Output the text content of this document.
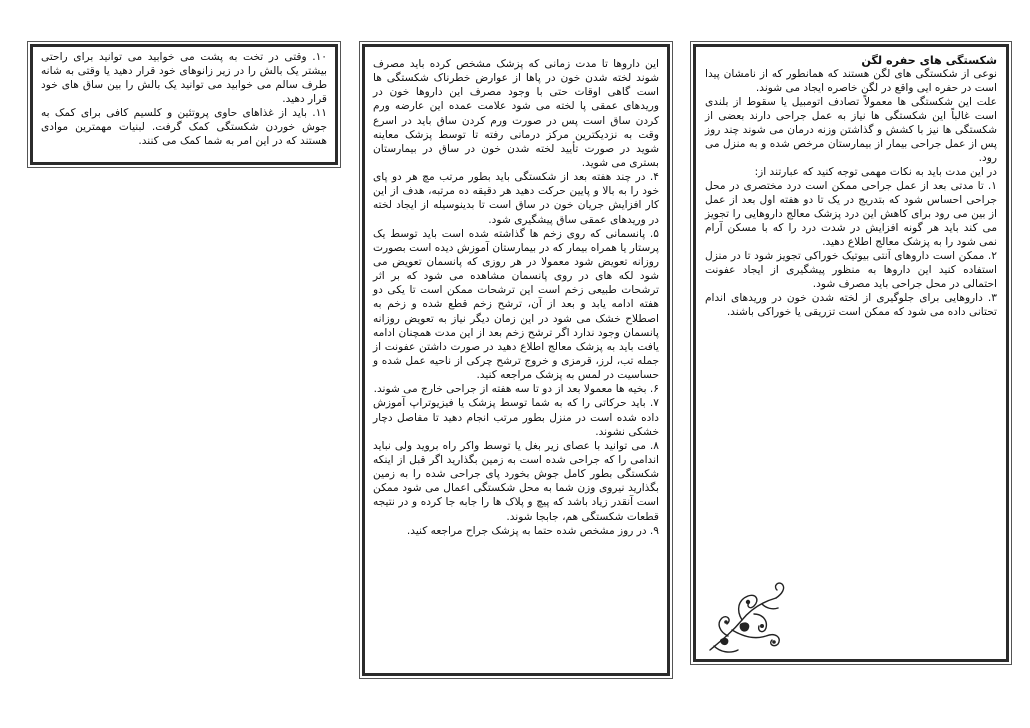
۱۰. وقتی در تخت به پشت می خوابید می توانید برای راحتی بیشتر یک بالش را در زیر زانوهای خود قرار دهید یا وقتی به شانه طرف سالم می خوابید می توانید یک بالش را بین ساق های خود قرار دهید.

۱۱. باید از غذاهای حاوی پروتئین و کلسیم کافی برای کمک به جوش خوردن شکستگی کمک گرفت. لبنیات مهمترین موادی هستند که در این امر به شما کمک می کنند.

این داروها تا مدت زمانی که پزشک مشخص کرده باید مصرف شوند لخته شدن خون در پاها از عوارض خطرناک شکستگی ها است گاهی اوقات حتی با وجود مصرف این داروها خون در وریدهای عمقی پا لخته می شود علامت عمده این عارضه ورم کردن ساق است پس در صورت ورم کردن ساق باید در اسرع وقت به نزدیکترین مرکز درمانی رفته تا توسط پزشک معاینه شوید در صورت تأیید لخته شدن خون در ساق در بیمارستان بستری می شوید.

۴. در چند هفته بعد از شکستگی باید بطور مرتب مچ هر دو پای خود را به بالا و پایین حرکت دهید هر دقیقه ده مرتبه، هدف از این کار افزایش جریان خون در ساق است تا بدینوسیله از ایجاد لخته در وریدهای عمقی ساق پیشگیری شود.

۵. پانسمانی که روی زخم ها گذاشته شده است باید توسط یک پرستار یا همراه بیمار که در بیمارستان آموزش دیده است بصورت روزانه تعویض شود معمولا در هر روزی که پانسمان تعویض می شود لکه های در روی پانسمان مشاهده می شود که بر اثر ترشحات طبیعی زخم است این ترشحات ممکن است تا یکی دو هفته ادامه یابد و بعد از آن، ترشح زخم قطع شده و زخم به اصطلاح خشک می شود در این زمان دیگر نیاز به تعویض روزانه پانسمان وجود ندارد اگر ترشح زخم بعد از این مدت همچنان ادامه یافت باید به پزشک معالج اطلاع دهید در صورت داشتن عفونت از جمله تب، لرز، قرمزی و خروج ترشح چرکی از ناحیه عمل شده و حساسیت در لمس به پزشک مراجعه کنید.

۶. بخیه ها معمولا بعد از دو تا سه هفته از جراحی خارج می شوند.

۷. باید حرکاتی را که به شما توسط پزشک یا فیزیوتراپ آموزش داده شده است در منزل بطور مرتب انجام دهید تا مفاصل دچار خشکی نشوند.

۸. می توانید با عصای زیر بغل یا توسط واکر راه بروید ولی نباید اندامی را که جراحی شده است به زمین بگذارید اگر قبل از اینکه شکستگی بطور کامل جوش بخورد پای جراحی شده را به زمین بگذارید نیروی وزن شما به محل شکستگی اعمال می شود ممکن است آنقدر زیاد باشد که پیچ و پلاک ها را جابه جا کرده و در نتیجه قطعات شکستگی هم، جابجا شوند.

۹. در روز مشخص شده حتما به پزشک جراح مراجعه کنید.

شکستگی های حفره لگن

نوعی از شکستگی های لگن هستند که همانطور که از نامشان پیدا است در حفره ایی واقع در لگن خاصره ایجاد می شوند.

علت این شکستگی ها معمولاً تصادف اتومبیل یا سقوط از بلندی است غالباً این شکستگی ها نیاز به عمل جراحی دارند بعضی از شکستگی ها نیز با کشش و گذاشتن وزنه درمان می شوند چند روز پس از عمل جراحی بیمار از بیمارستان مرخص شده و به منزل می رود.

در این مدت باید به نکات مهمی توجه کنید که عبارتند از:

۱. تا مدتی بعد از عمل جراحی ممکن است درد مختصری در محل جراحی احساس شود که بتدریج در یک تا دو هفته اول بعد از عمل از بین می رود برای کاهش این درد پزشک معالج داروهایی را تجویز می کند باید هر گونه افزایش در شدت درد را که با مسکن آرام نمی شود را به پزشک معالج اطلاع دهید.

۲. ممکن است داروهای آنتی بیوتیک خوراکی تجویز شود تا در منزل استفاده کنید این داروها به منظور پیشگیری از ایجاد عفونت احتمالی در محل جراحی باید مصرف شود.

۳. داروهایی برای جلوگیری از لخته شدن خون در وریدهای اندام تحتانی داده می شود که ممکن است تزریقی یا خوراکی باشند.
